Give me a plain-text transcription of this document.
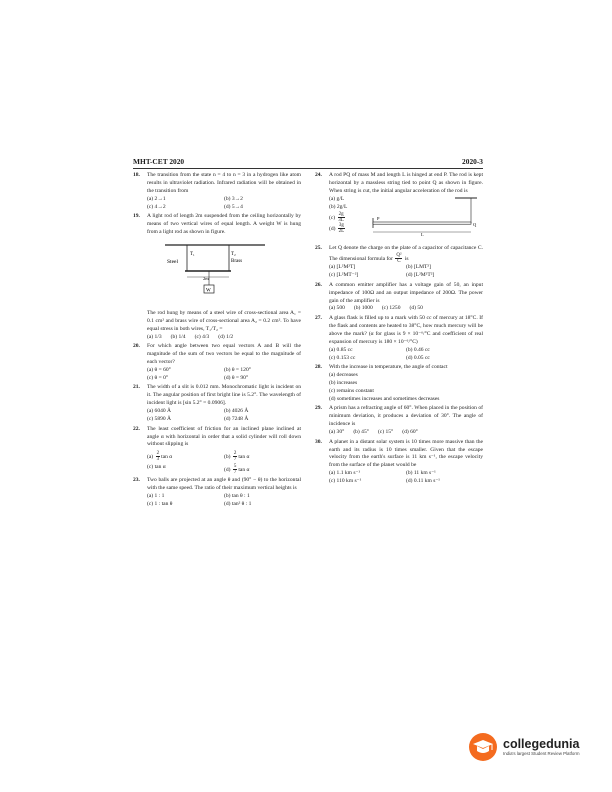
MHT-CET 2020	2020-3
18.	The transition from the state n = 4 to n = 3 in a hydrogen like atom results in ultraviolet radiation. Infrared radiation will be obtained in the transition from
(a) 2→1	(b) 3→2
(c) 4→2	(d) 5→4
19.	A light rod of length 2m suspended from the ceiling horizontally by means of two vertical wires of equal length. A weight W is hung from a light rod as shown in figure.
Steel
T₁	T₂
Brass
2m
W
The rod hung by means of a steel wire of cross-sectional area A₁ = 0.1 cm² and brass wire of cross-sectional area A₂ = 0.2 cm². To have equal stress in both wires, T₁/T₂ =
(a) 1/3 (b) 1/4 (c) 4/3 (d) 1/2
20.	For which angle between two equal vectors A and B will the magnitude of the sum of two vectors be equal to the magnitude of each vector?
(a) θ = 60°	(b) θ = 120°
(c) θ = 0°	(d) θ = 90°
21.	The width of a slit is 0.012 mm. Monochromatic light is incident on it. The angular position of first bright line is 5.2°. The wavelength of incident light is [sin 5.2° = 0.0906].
(a) 6040 Å	(b) 4026 Å
(c) 5890 Å	(d) 7248 Å
22.	The least coefficient of friction for an inclined plane inclined at angle α with horizontal in order that a solid cylinder will roll down without slipping is
$(a) \frac{2}{3}$ tan α	$(b) \frac{2}{7}$ tan α
(c) tan α	$(d) \frac{5}{7}$ tan α
23.	Two balls are projected at an angle θ and (90° − θ) to the horizontal with the same speed. The ratio of their maximum vertical heights is
(a) 1 : 1	(b) tan θ : 1
(c) 1 : tan θ	(d) tan² θ : 1
24.	A rod PQ of mass M and length L is hinged at end P. The rod is kept horizontal by a massless string tied to point Q as shown in figure. When string is cut, the initial angular acceleration of the rod is
(a) g/L
(b) 2g/L
$(c) \frac{2g}{3L}$
$(d) \frac{3g}{2L}$
P
Q
L
25.	Let Q denote the charge on the plate of a capacitor of capacitance C. The dimensional formula for $\frac{\text{Q²}}{C}$ is
(a) [L²M²T]	(b) [LMT²]
(c) [L²MT⁻²]	(d) [L²M²T²]
26.	A common emitter amplifier has a voltage gain of 50, an input impedance of 100Ω and an output impedance of 200Ω. The power gain of the amplifier is
(a) 500 (b) 1000 (c) 1250 (d) 50
27.	A glass flask is filled up to a mark with 50 cc of mercury at 18°C. If the flask and contents are heated to 38°C, how much mercury will be above the mark? (α for glass is 9 × 10⁻⁶/°C and coefficient of real expansion of mercury is 180 × 10⁻⁶/°C)
(a) 0.85 cc	(b) 0.46 cc
(c) 0.153 cc	(d) 0.05 cc
28.	With the increase in temperature, the angle of contact
(a) decreases
(b) increases
(c) remains constant
(d) sometimes increases and sometimes decreases
29.	A prism has a refracting angle of 60°. When placed in the position of minimum deviation, it produces a deviation of 30°. The angle of incidence is
(a) 30° (b) 45° (c) 15° (d) 60°
30.	A planet in a distant solar system is 10 times more massive than the earth and its radius is 10 times smaller. Given that the escape velocity from the earth's surface is 11 km s⁻¹, the escape velocity from the surface of the planet would be
(a) 1.1 km s⁻¹	(b) 11 km s⁻¹
(c) 110 km s⁻¹	(d) 0.11 km s⁻¹
collegedunia
India's largest Student Review Platform
